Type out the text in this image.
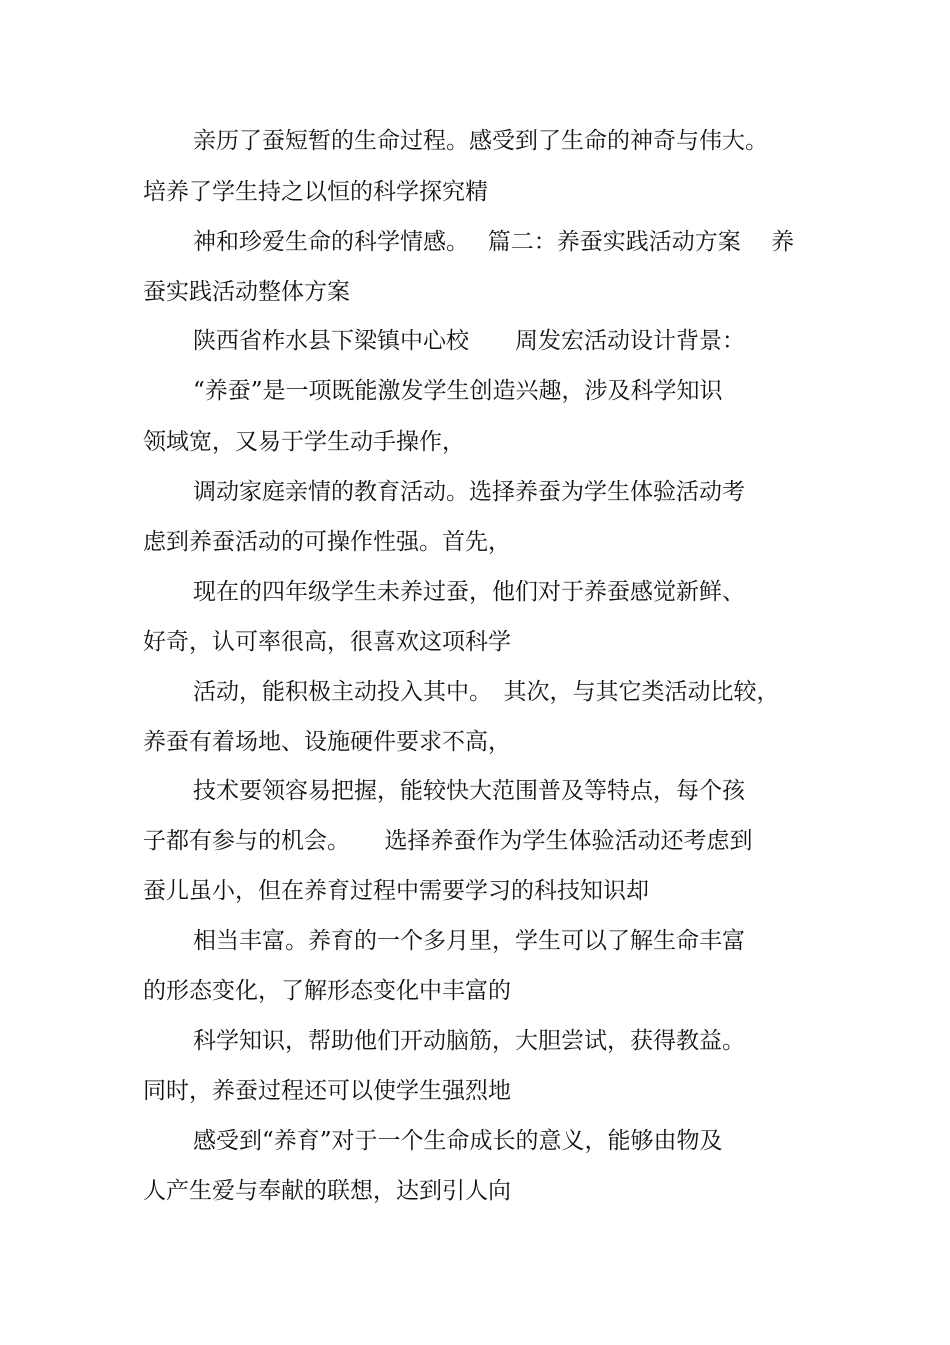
亲历了蚕短暂的生命过程。感受到了生命的神奇与伟大。
培养了学生持之以恒的科学探究精
神和珍爱生命的科学情感。　 篇二：养蚕实践活动方案　 养
蚕实践活动整体方案
陕西省柞水县下梁镇中心校　　周发宏活动设计背景：
“养蚕”是一项既能激发学生创造兴趣，涉及科学知识
领域宽，又易于学生动手操作，
调动家庭亲情的教育活动。选择养蚕为学生体验活动考
虑到养蚕活动的可操作性强。首先，
现在的四年级学生未养过蚕，他们对于养蚕感觉新鲜、
好奇，认可率很高，很喜欢这项科学
活动，能积极主动投入其中。　其次，与其它类活动比较，
养蚕有着场地、设施硬件要求不高，
技术要领容易把握，能较快大范围普及等特点，每个孩
子都有参与的机会。　　选择养蚕作为学生体验活动还考虑到
蚕儿虽小，但在养育过程中需要学习的科技知识却
相当丰富。养育的一个多月里，学生可以了解生命丰富
的形态变化，了解形态变化中丰富的
科学知识，帮助他们开动脑筋，大胆尝试，获得教益。
同时，养蚕过程还可以使学生强烈地
感受到“养育”对于一个生命成长的意义，能够由物及
人产生爱与奉献的联想，达到引人向
